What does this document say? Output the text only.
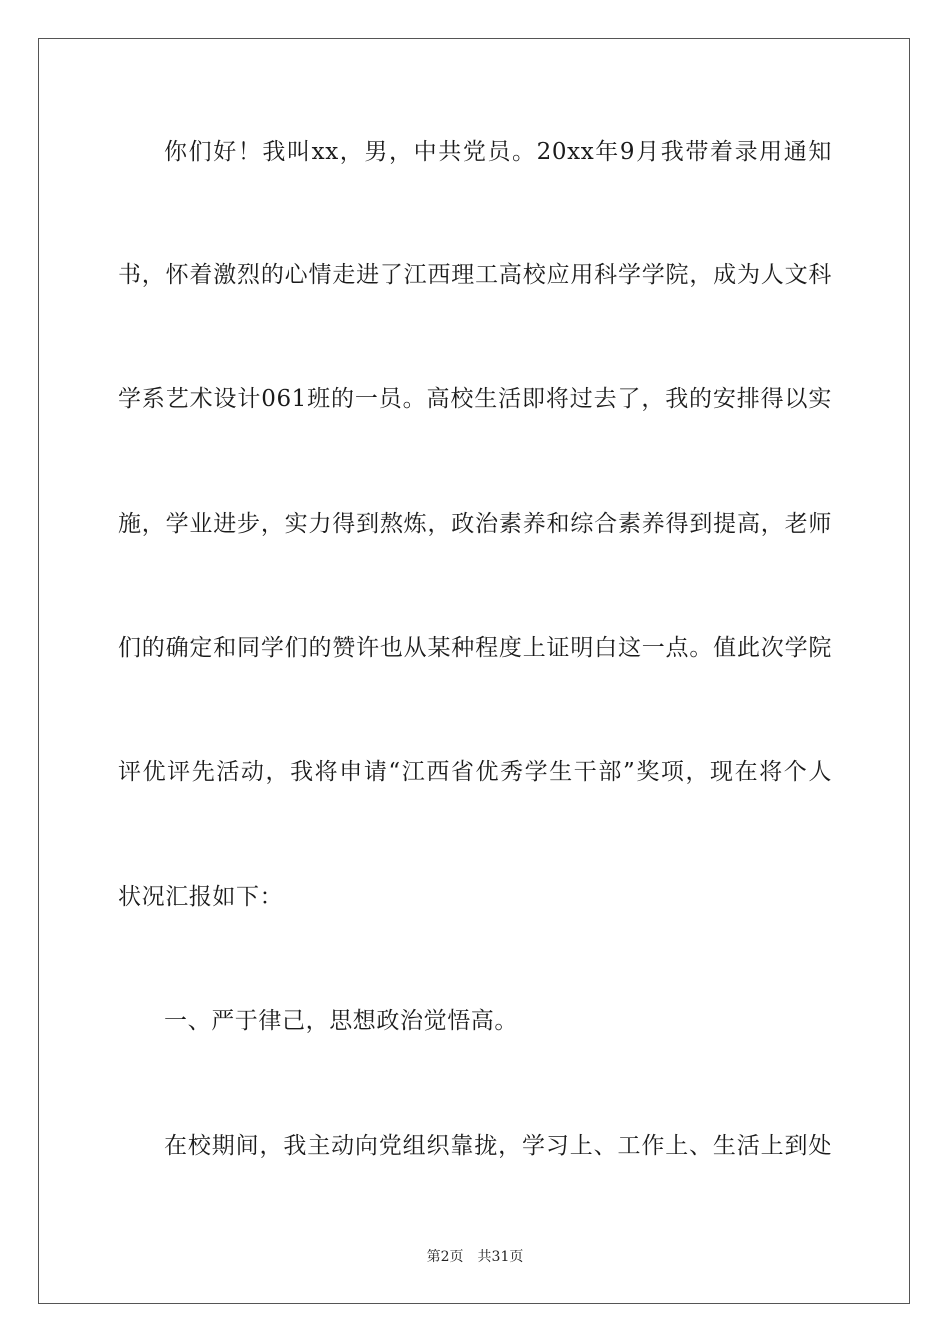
你们好！我叫xx，男，中共党员。20xx年9月我带着录用通知
书，怀着激烈的心情走进了江西理工高校应用科学学院，成为人文科
学系艺术设计061班的一员。高校生活即将过去了，我的安排得以实
施，学业进步，实力得到熬炼，政治素养和综合素养得到提高，老师
们的确定和同学们的赞许也从某种程度上证明白这一点。值此次学院
评优评先活动，我将申请“江西省优秀学生干部”奖项，现在将个人
状况汇报如下：
一、严于律己，思想政治觉悟高。
在校期间，我主动向党组织靠拢，学习上、工作上、生活上到处
第2页 共31页
